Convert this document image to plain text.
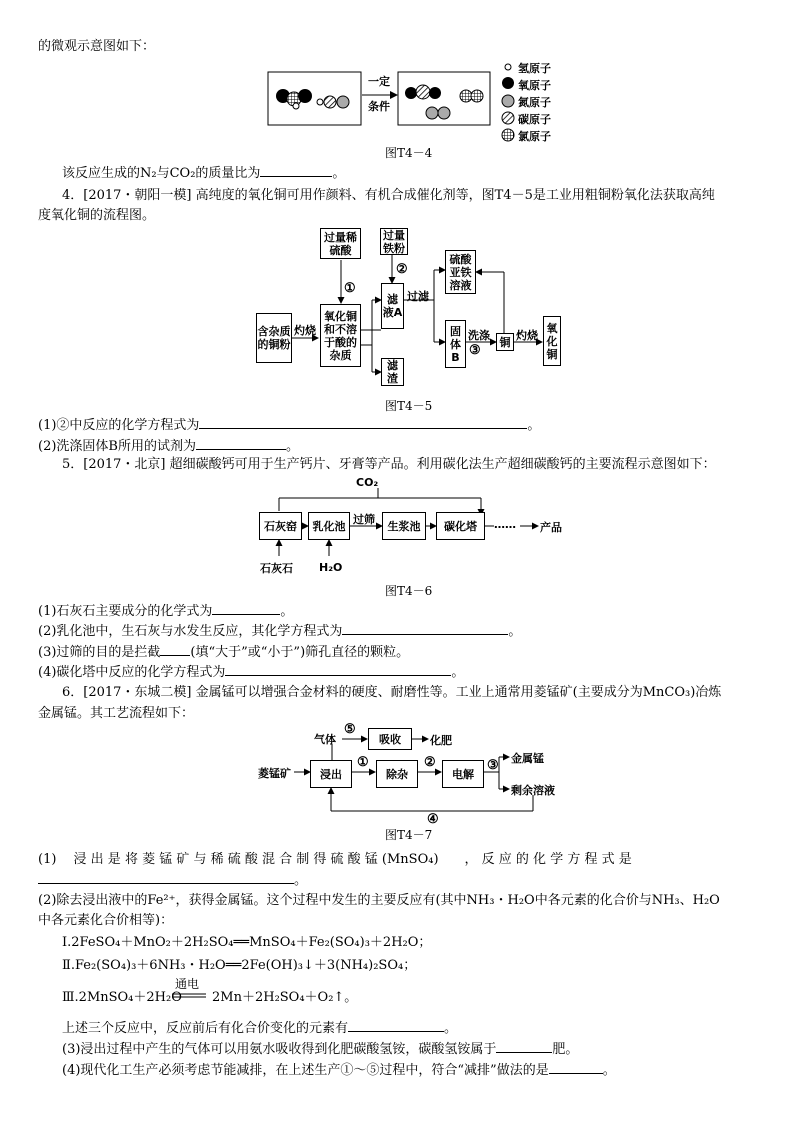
的微观示意图如下：
一定
条件
氢原子
氧原子
氮原子
碳原子
氯原子
图T4－4
该反应生成的N₂与CO₂的质量比为	。
4．[2017・朝阳一模] 高纯度的氧化铜可用作颜料、有机合成催化剂等，图T4－5是工业用粗铜粉氧化法获取高纯
度氧化铜的流程图。
含杂质的铜粉
灼烧
氧化铜和不溶于酸的杂质
过量稀硫酸
①
过量铁粉
②
滤液A
过滤
滤渣
硫酸亚铁溶液
固体B
洗涤
③
铜 灼烧
氧化铜
图T4－5
(1)②中反应的化学方程式为	。
(2)洗涤固体B所用的试剂为	。
5．[2017・北京] 超细碳酸钙可用于生产钙片、牙膏等产品。利用碳化法生产超细碳酸钙的主要流程示意图如下：
CO₂
石灰窑	乳化池 过筛	生浆池	碳化塔	…… 产品
石灰石 H₂O
图T4－6
(1)石灰石主要成分的化学式为	。
(2)乳化池中，生石灰与水发生反应，其化学方程式为	。
(3)过筛的目的是拦截 (填“大于”或“小于”)筛孔直径的颗粒。
(4)碳化塔中反应的化学方程式为	。
6．[2017・东城二模] 金属锰可以增强合金材料的硬度、耐磨性等。工业上通常用菱锰矿(主要成分为MnCO₃)冶炼
金属锰。其工艺流程如下：
气体
⑤
吸收	化肥
菱锰矿	浸出
①
除杂
②
电解
③ 金属锰
剩余溶液
④
图T4－7
(1)　 浸 出 是 将 菱 锰 矿 与 稀 硫 酸 混 合 制 得 硫 酸 锰 (MnSO₄)　　， 反 应 的 化 学 方 程 式 是
。
(2)除去浸出液中的Fe²⁺，获得金属锰。这个过程中发生的主要反应有(其中NH₃・H₂O中各元素的化合价与NH₃、H₂O
中各元素化合价相等)：
Ⅰ.2FeSO₄＋MnO₂＋2H₂SO₄══MnSO₄＋Fe₂(SO₄)₃＋2H₂O；
Ⅱ.Fe₂(SO₄)₃＋6NH₃・H₂O══2Fe(OH)₃↓＋3(NH₄)₂SO₄；
Ⅲ.2MnSO₄＋2H₂O
通电
2Mn＋2H₂SO₄＋O₂↑。
上述三个反应中，反应前后有化合价变化的元素有	。
(3)浸出过程中产生的气体可以用氨水吸收得到化肥碳酸氢铵，碳酸氢铵属于	肥。
(4)现代化工生产必须考虑节能减排，在上述生产①～⑤过程中，符合“减排”做法的是	。
